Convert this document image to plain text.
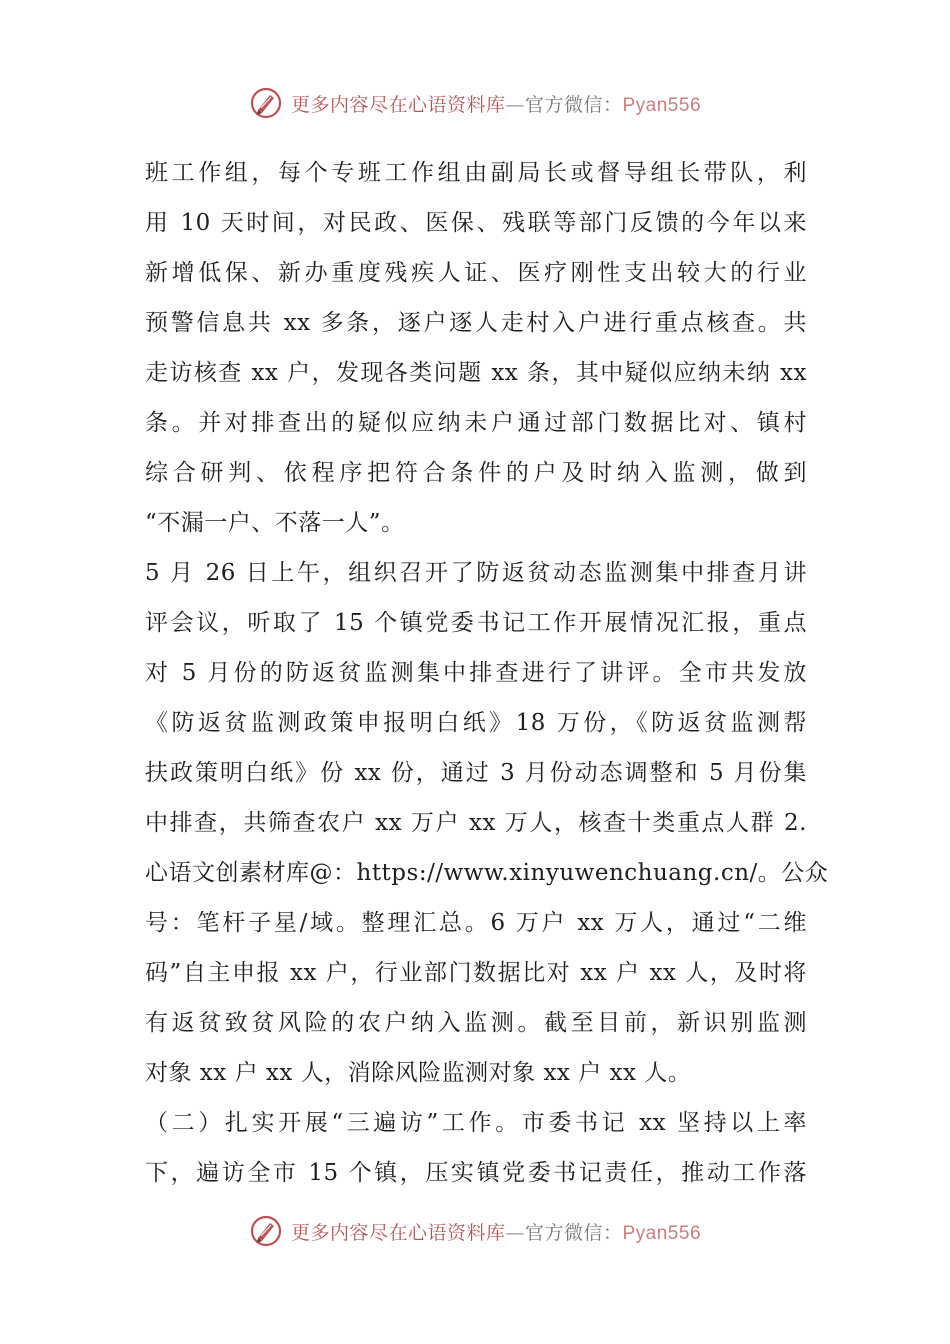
更多内容尽在心语资料库—官方微信：Pyan556
班工作组，每个专班工作组由副局长或督导组长带队，利
用 10 天时间，对民政、医保、残联等部门反馈的今年以来
新增低保、新办重度残疾人证、医疗刚性支出较大的行业
预警信息共 xx 多条，逐户逐人走村入户进行重点核查。共
走访核查 xx 户，发现各类问题 xx 条，其中疑似应纳未纳 xx
条。并对排查出的疑似应纳未户通过部门数据比对、镇村
综合研判、依程序把符合条件的户及时纳入监测，做到
“不漏一户、不落一人”。
5 月 26 日上午，组织召开了防返贫动态监测集中排查月讲
评会议，听取了 15 个镇党委书记工作开展情况汇报，重点
对 5 月份的防返贫监测集中排查进行了讲评。全市共发放
《防返贫监测政策申报明白纸》18 万份，《防返贫监测帮
扶政策明白纸》份 xx 份，通过 3 月份动态调整和 5 月份集
中排查，共筛查农户 xx 万户 xx 万人，核查十类重点人群 2.
心语文创素材库@：https://www.xinyuwenchuang.cn/。公众
号：笔杆子星/域。整理汇总。6 万户 xx 万人，通过“二维
码”自主申报 xx 户，行业部门数据比对 xx 户 xx 人，及时将
有返贫致贫风险的农户纳入监测。截至目前，新识别监测
对象 xx 户 xx 人，消除风险监测对象 xx 户 xx 人。
（二）扎实开展“三遍访”工作。市委书记 xx 坚持以上率
下，遍访全市 15 个镇，压实镇党委书记责任，推动工作落
更多内容尽在心语资料库—官方微信：Pyan556
